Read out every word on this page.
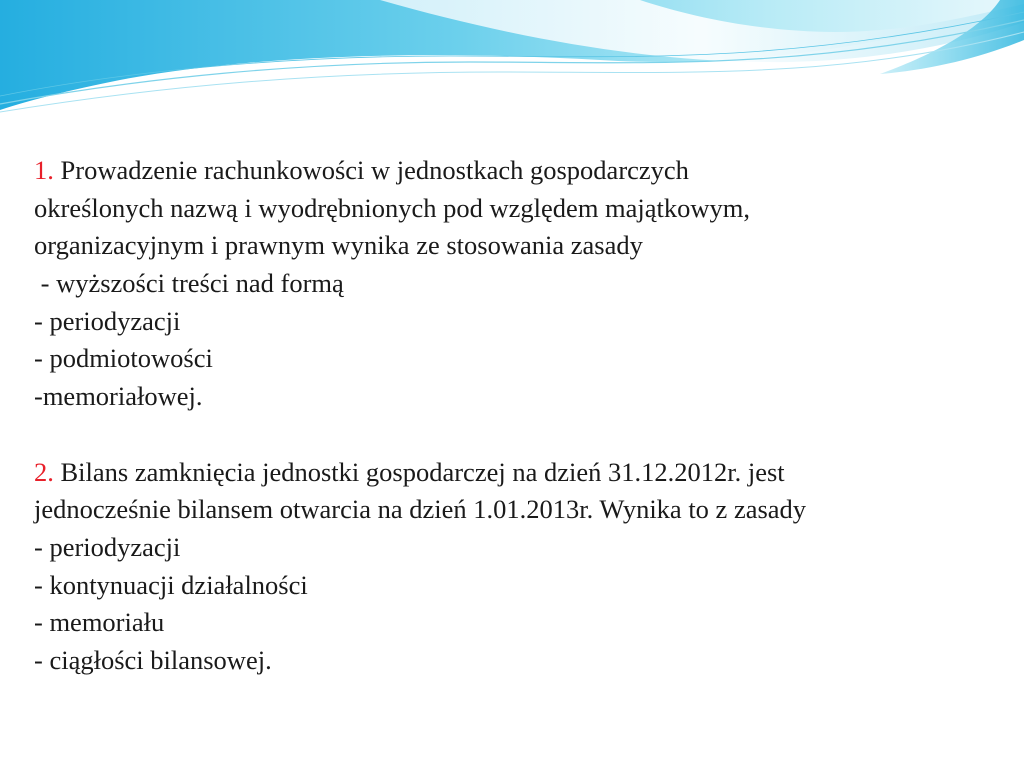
1. Prowadzenie rachunkowości w jednostkach gospodarczych
określonych nazwą i wyodrębnionych pod względem majątkowym,
organizacyjnym i prawnym wynika ze stosowania zasady
- wyższości treści nad formą
- periodyzacji
- podmiotowości
-memoriałowej.
2. Bilans zamknięcia jednostki gospodarczej na dzień 31.12.2012r. jest
jednocześnie bilansem otwarcia na dzień 1.01.2013r. Wynika to z zasady
- periodyzacji
- kontynuacji działalności
- memoriału
- ciągłości bilansowej.
